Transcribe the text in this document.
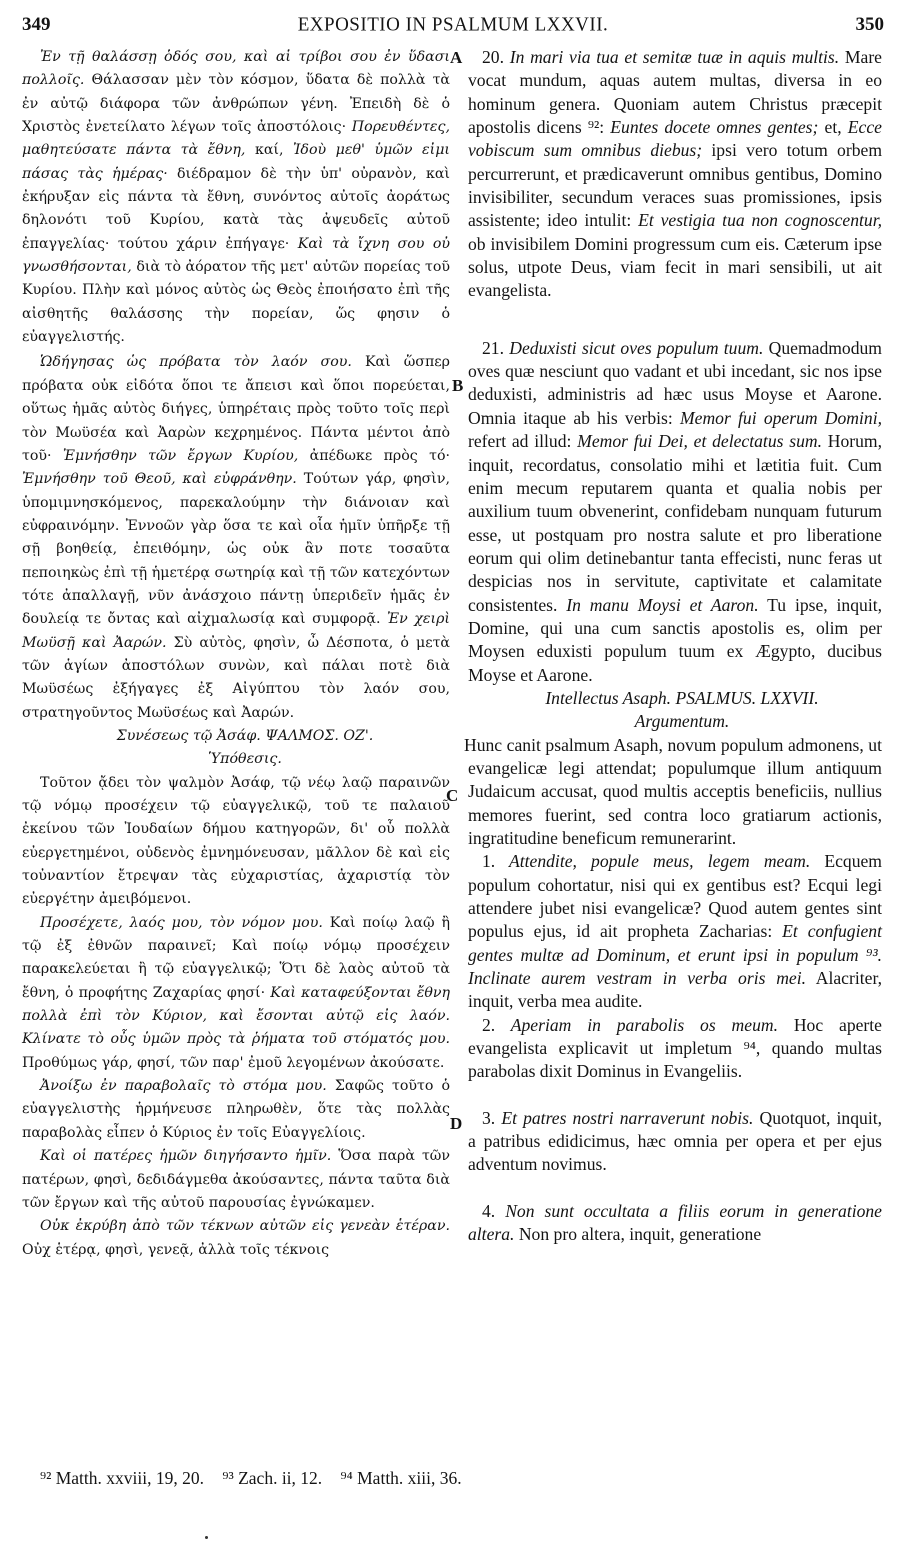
349	EXPOSITIO IN PSALMUM LXXVII.	350

Ἐν τῇ θαλάσσῃ ὁδός σου, καὶ αἱ τρίβοι σου ἐν ὕδασι πολλοῖς. Θάλασσαν μὲν τὸν κόσμον, ὕδατα δὲ πολλὰ τὰ ἐν αὐτῷ διάφορα τῶν ἀνθρώπων γένη. Ἐπειδὴ δὲ ὁ Χριστὸς ἐνετείλατο λέγων τοῖς ἀποστόλοις· Πορευθέντες, μαθητεύσατε πάντα τὰ ἔθνη, καί, Ἰδοὺ μεθ' ὑμῶν εἰμι πάσας τὰς ἡμέρας· διέδραμον δὲ τὴν ὑπ' οὐρανὸν, καὶ ἐκήρυξαν εἰς πάντα τὰ ἔθνη, συνόντος αὐτοῖς ἀοράτως δηλονότι τοῦ Κυρίου, κατὰ τὰς ἀψευδεῖς αὐτοῦ ἐπαγγελίας· τούτου χάριν ἐπήγαγε· Καὶ τὰ ἴχνη σου οὐ γνωσθήσονται, διὰ τὸ ἀόρατον τῆς μετ' αὐτῶν πορείας τοῦ Κυρίου. Πλὴν καὶ μόνος αὐτὸς ὡς Θεὸς ἐποιήσατο ἐπὶ τῆς αἰσθητῆς θαλάσσης τὴν πορείαν, ὥς φησιν ὁ εὐαγγελιστής.

Ὡδήγησας ὡς πρόβατα τὸν λαόν σου. Καὶ ὥσπερ πρόβατα οὐκ εἰδότα ὅποι τε ἄπεισι καὶ ὅποι πορεύεται, οὕτως ἡμᾶς αὐτὸς διήγες, ὑπηρέταις πρὸς τοῦτο τοῖς περὶ τὸν Μωϋσέα καὶ Ἀαρὼν κεχρημένος. Πάντα μέντοι ἀπὸ τοῦ· Ἐμνήσθην τῶν ἔργων Κυρίου, ἀπέδωκε πρὸς τό· Ἐμνήσθην τοῦ Θεοῦ, καὶ εὐφράνθην. Τούτων γάρ, φησὶν, ὑπομιμνησκόμενος, παρεκαλούμην τὴν διάνοιαν καὶ εὐφραινόμην. Ἐννοῶν γὰρ ὅσα τε καὶ οἷα ἡμῖν ὑπῆρξε τῇ σῇ βοηθείᾳ, ἐπειθόμην, ὡς οὐκ ἂν ποτε τοσαῦτα πεποιηκὼς ἐπὶ τῇ ἡμετέρᾳ σωτηρίᾳ καὶ τῇ τῶν κατεχόντων τότε ἀπαλλαγῇ, νῦν ἀνάσχοιο πάντῃ ὑπεριδεῖν ἡμᾶς ἐν δουλείᾳ τε ὄντας καὶ αἰχμαλωσίᾳ καὶ συμφορᾷ. Ἐν χειρὶ Μωϋσῇ καὶ Ἀαρών. Σὺ αὐτὸς, φησὶν, ὦ Δέσποτα, ὁ μετὰ τῶν ἁγίων ἀποστόλων συνὼν, καὶ πάλαι ποτὲ διὰ Μωϋσέως ἐξήγαγες ἐξ Αἰγύπτου τὸν λαόν σου, στρατηγοῦντος Μωϋσέως καὶ Ἀαρών.

Συνέσεως τῷ Ἀσάφ. ΨΑΛΜΟΣ. ΟΖ'.

Ὑπόθεσις.

Τοῦτον ᾄδει τὸν ψαλμὸν Ἀσάφ, τῷ νέῳ λαῷ παραινῶν τῷ νόμῳ προσέχειν τῷ εὐαγγελικῷ, τοῦ τε παλαιοῦ ἐκείνου τῶν Ἰουδαίων δήμου κατηγορῶν, δι' οὗ πολλὰ εὐεργετημένοι, οὐδενὸς ἐμνημόνευσαν, μᾶλλον δὲ καὶ εἰς τοὐναντίον ἔτρεψαν τὰς εὐχαριστίας, ἀχαριστίᾳ τὸν εὐεργέτην ἀμειβόμενοι.

Προσέχετε, λαός μου, τὸν νόμον μου. Καὶ ποίῳ λαῷ ἢ τῷ ἐξ ἐθνῶν παραινεῖ; Καὶ ποίῳ νόμῳ προσέχειν παρακελεύεται ἢ τῷ εὐαγγελικῷ; Ὅτι δὲ λαὸς αὐτοῦ τὰ ἔθνη, ὁ προφήτης Ζαχαρίας φησί· Καὶ καταφεύξονται ἔθνη πολλὰ ἐπὶ τὸν Κύριον, καὶ ἔσονται αὐτῷ εἰς λαόν. Κλίνατε τὸ οὖς ὑμῶν πρὸς τὰ ῥήματα τοῦ στόματός μου. Προθύμως γάρ, φησί, τῶν παρ' ἐμοῦ λεγομένων ἀκούσατε.

Ἀνοίξω ἐν παραβολαῖς τὸ στόμα μου. Σαφῶς τοῦτο ὁ εὐαγγελιστὴς ἡρμήνευσε πληρωθὲν, ὅτε τὰς πολλὰς παραβολὰς εἶπεν ὁ Κύριος ἐν τοῖς Εὐαγγελίοις.

Καὶ οἱ πατέρες ἡμῶν διηγήσαντο ἡμῖν. Ὅσα παρὰ τῶν πατέρων, φησὶ, δεδιδάγμεθα ἀκούσαντες, πάντα ταῦτα διὰ τῶν ἔργων καὶ τῆς αὐτοῦ παρουσίας ἐγνώκαμεν.

Οὐκ ἐκρύβη ἀπὸ τῶν τέκνων αὐτῶν εἰς γενεὰν ἑτέραν. Οὐχ ἑτέρᾳ, φησὶ, γενεᾷ, ἀλλὰ τοῖς τέκνοις

A
B
C
D

20. In mari via tua et semitæ tuæ in aquis multis. Mare vocat mundum, aquas autem multas, diversa in eo hominum genera. Quoniam autem Christus præcepit apostolis dicens ⁹²: Euntes docete omnes gentes; et, Ecce vobiscum sum omnibus diebus; ipsi vero totum orbem percurrerunt, et prædicaverunt omnibus gentibus, Domino invisibiliter, secundum veraces suas promissiones, ipsis assistente; ideo intulit: Et vestigia tua non cognoscentur, ob invisibilem Domini progressum cum eis. Cæterum ipse solus, utpote Deus, viam fecit in mari sensibili, ut ait evangelista.

21. Deduxisti sicut oves populum tuum. Quemadmodum oves quæ nesciunt quo vadant et ubi incedant, sic nos ipse deduxisti, administris ad hæc usus Moyse et Aarone. Omnia itaque ab his verbis: Memor fui operum Domini, refert ad illud: Memor fui Dei, et delectatus sum. Horum, inquit, recordatus, consolatio mihi et lætitia fuit. Cum enim mecum reputarem quanta et qualia nobis per auxilium tuum obvenerint, confidebam nunquam futurum esse, ut postquam pro nostra salute et pro liberatione eorum qui olim detinebantur tanta effecisti, nunc feras ut despicias nos in servitute, captivitate et calamitate consistentes. In manu Moysi et Aaron. Tu ipse, inquit, Domine, qui una cum sanctis apostolis es, olim per Moysen eduxisti populum tuum ex Ægypto, ducibus Moyse et Aarone.

Intellectus Asaph. PSALMUS. LXXVII.

Argumentum.

Hunc canit psalmum Asaph, novum populum admonens, ut evangelicæ legi attendat; populumque illum antiquum Judaicum accusat, quod multis acceptis beneficiis, nullius memores fuerint, sed contra loco gratiarum actionis, ingratitudine beneficum remunerarint.

1. Attendite, popule meus, legem meam. Ecquem populum cohortatur, nisi qui ex gentibus est? Ecqui legi attendere jubet nisi evangelicæ? Quod autem gentes sint populus ejus, id ait propheta Zacharias: Et confugient gentes multæ ad Dominum, et erunt ipsi in populum ⁹³. Inclinate aurem vestram in verba oris mei. Alacriter, inquit, verba mea audite.

2. Aperiam in parabolis os meum. Hoc aperte evangelista explicavit ut impletum ⁹⁴, quando multas parabolas dixit Dominus in Evangeliis.

3. Et patres nostri narraverunt nobis. Quotquot, inquit, a patribus edidicimus, hæc omnia per opera et per ejus adventum novimus.

4. Non sunt occultata a filiis eorum in generatione altera. Non pro altera, inquit, generatione

⁹² Matth. xxviii, 19, 20. ⁹³ Zach. ii, 12. ⁹⁴ Matth. xiii, 36.
